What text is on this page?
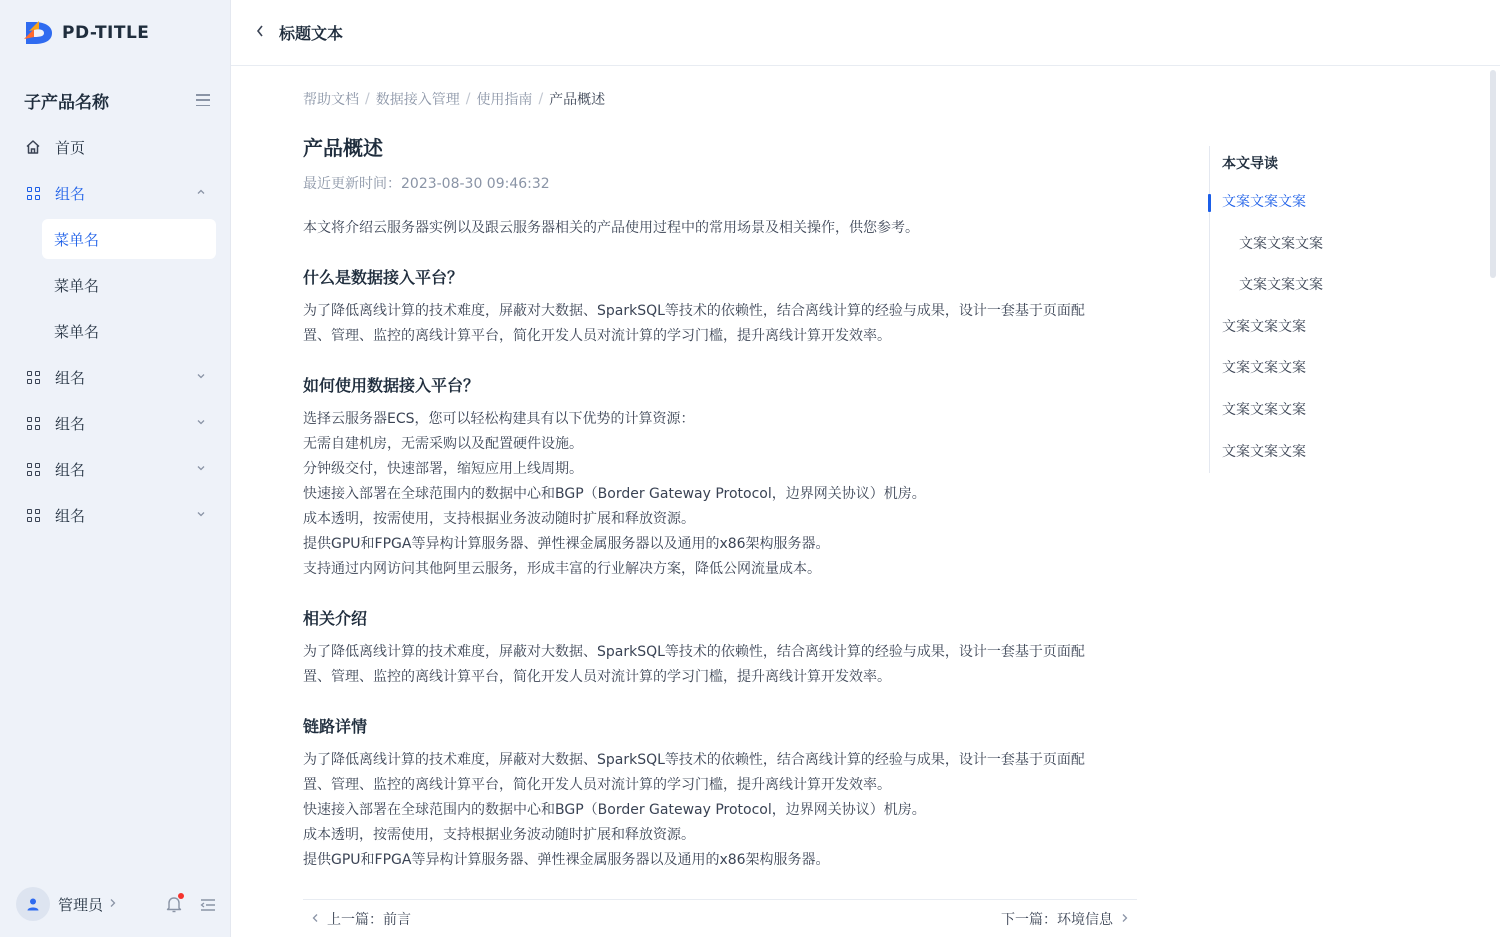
PD-TITLE
子产品名称
首页
组名
菜单名
菜单名
菜单名
组名
组名
组名
组名
管理员
标题文本
帮助文档 / 数据接入管理 / 使用指南 / 产品概述
产品概述
最近更新时间：2023-08-30 09:46:32

本文将介绍云服务器实例以及跟云服务器相关的产品使用过程中的常用场景及相关操作，供您参考。

什么是数据接入平台？

为了降低离线计算的技术难度，屏蔽对大数据、SparkSQL等技术的依赖性，结合离线计算的经验与成果，设计一套基于页面配

置、管理、监控的离线计算平台，简化开发人员对流计算的学习门槛，提升离线计算开发效率。

如何使用数据接入平台？

选择云服务器ECS，您可以轻松构建具有以下优势的计算资源：

无需自建机房，无需采购以及配置硬件设施。

分钟级交付，快速部署，缩短应用上线周期。

快速接入部署在全球范围内的数据中心和BGP（Border Gateway Protocol，边界网关协议）机房。

成本透明，按需使用，支持根据业务波动随时扩展和释放资源。

提供GPU和FPGA等异构计算服务器、弹性裸金属服务器以及通用的x86架构服务器。

支持通过内网访问其他阿里云服务，形成丰富的行业解决方案，降低公网流量成本。

相关介绍

为了降低离线计算的技术难度，屏蔽对大数据、SparkSQL等技术的依赖性，结合离线计算的经验与成果，设计一套基于页面配

置、管理、监控的离线计算平台，简化开发人员对流计算的学习门槛，提升离线计算开发效率。

链路详情

为了降低离线计算的技术难度，屏蔽对大数据、SparkSQL等技术的依赖性，结合离线计算的经验与成果，设计一套基于页面配

置、管理、监控的离线计算平台，简化开发人员对流计算的学习门槛，提升离线计算开发效率。

快速接入部署在全球范围内的数据中心和BGP（Border Gateway Protocol，边界网关协议）机房。

成本透明，按需使用，支持根据业务波动随时扩展和释放资源。

提供GPU和FPGA等异构计算服务器、弹性裸金属服务器以及通用的x86架构服务器。

上一篇：前言	下一篇：环境信息
本文导读
文案文案文案
文案文案文案
文案文案文案
文案文案文案
文案文案文案
文案文案文案
文案文案文案
